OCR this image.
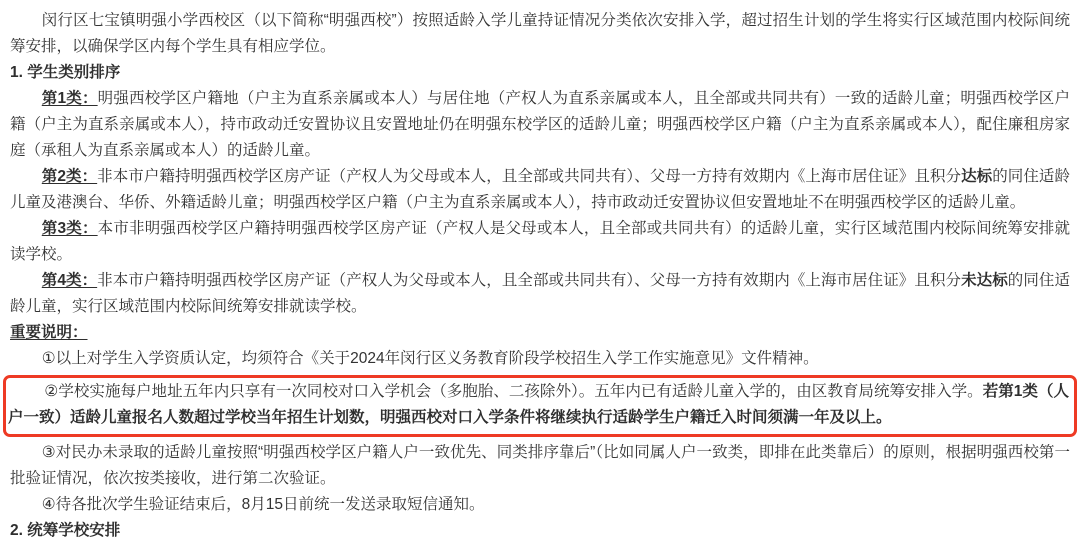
闵行区七宝镇明强小学西校区（以下简称“明强西校”）按照适龄入学儿童持证情况分类依次安排入学，超过招生计划的学生将实行区域范围内校际间统筹安排，以确保学区内每个学生具有相应学位。

1. 学生类别排序

第1类：明强西校学区户籍地（户主为直系亲属或本人）与居住地（产权人为直系亲属或本人，且全部或共同共有）一致的适龄儿童；明强西校学区户籍（户主为直系亲属或本人），持市政动迁安置协议且安置地址仍在明强东校学区的适龄儿童；明强西校学区户籍（户主为直系亲属或本人），配住廉租房家庭（承租人为直系亲属或本人）的适龄儿童。

第2类：非本市户籍持明强西校学区房产证（产权人为父母或本人，且全部或共同共有）、父母一方持有效期内《上海市居住证》且积分达标的同住适龄儿童及港澳台、华侨、外籍适龄儿童；明强西校学区户籍（户主为直系亲属或本人），持市政动迁安置协议但安置地址不在明强西校学区的适龄儿童。

第3类：本市非明强西校学区户籍持明强西校学区房产证（产权人是父母或本人，且全部或共同共有）的适龄儿童，实行区域范围内校际间统筹安排就读学校。

第4类：非本市户籍持明强西校学区房产证（产权人为父母或本人，且全部或共同共有）、父母一方持有效期内《上海市居住证》且积分未达标的同住适龄儿童，实行区域范围内校际间统筹安排就读学校。

重要说明：

①以上对学生入学资质认定，均须符合《关于2024年闵行区义务教育阶段学校招生入学工作实施意见》文件精神。

②学校实施每户地址五年内只享有一次同校对口入学机会（多胞胎、二孩除外）。五年内已有适龄儿童入学的，由区教育局统筹安排入学。若第1类（人户一致）适龄儿童报名人数超过学校当年招生计划数，明强西校对口入学条件将继续执行适龄学生户籍迁入时间须满一年及以上。

③对民办未录取的适龄儿童按照“明强西校学区户籍人户一致优先、同类排序靠后”（比如同属人户一致类，即排在此类靠后）的原则，根据明强西校第一批验证情况，依次按类接收，进行第二次验证。

④待各批次学生验证结束后，8月15日前统一发送录取短信通知。

2. 统筹学校安排
